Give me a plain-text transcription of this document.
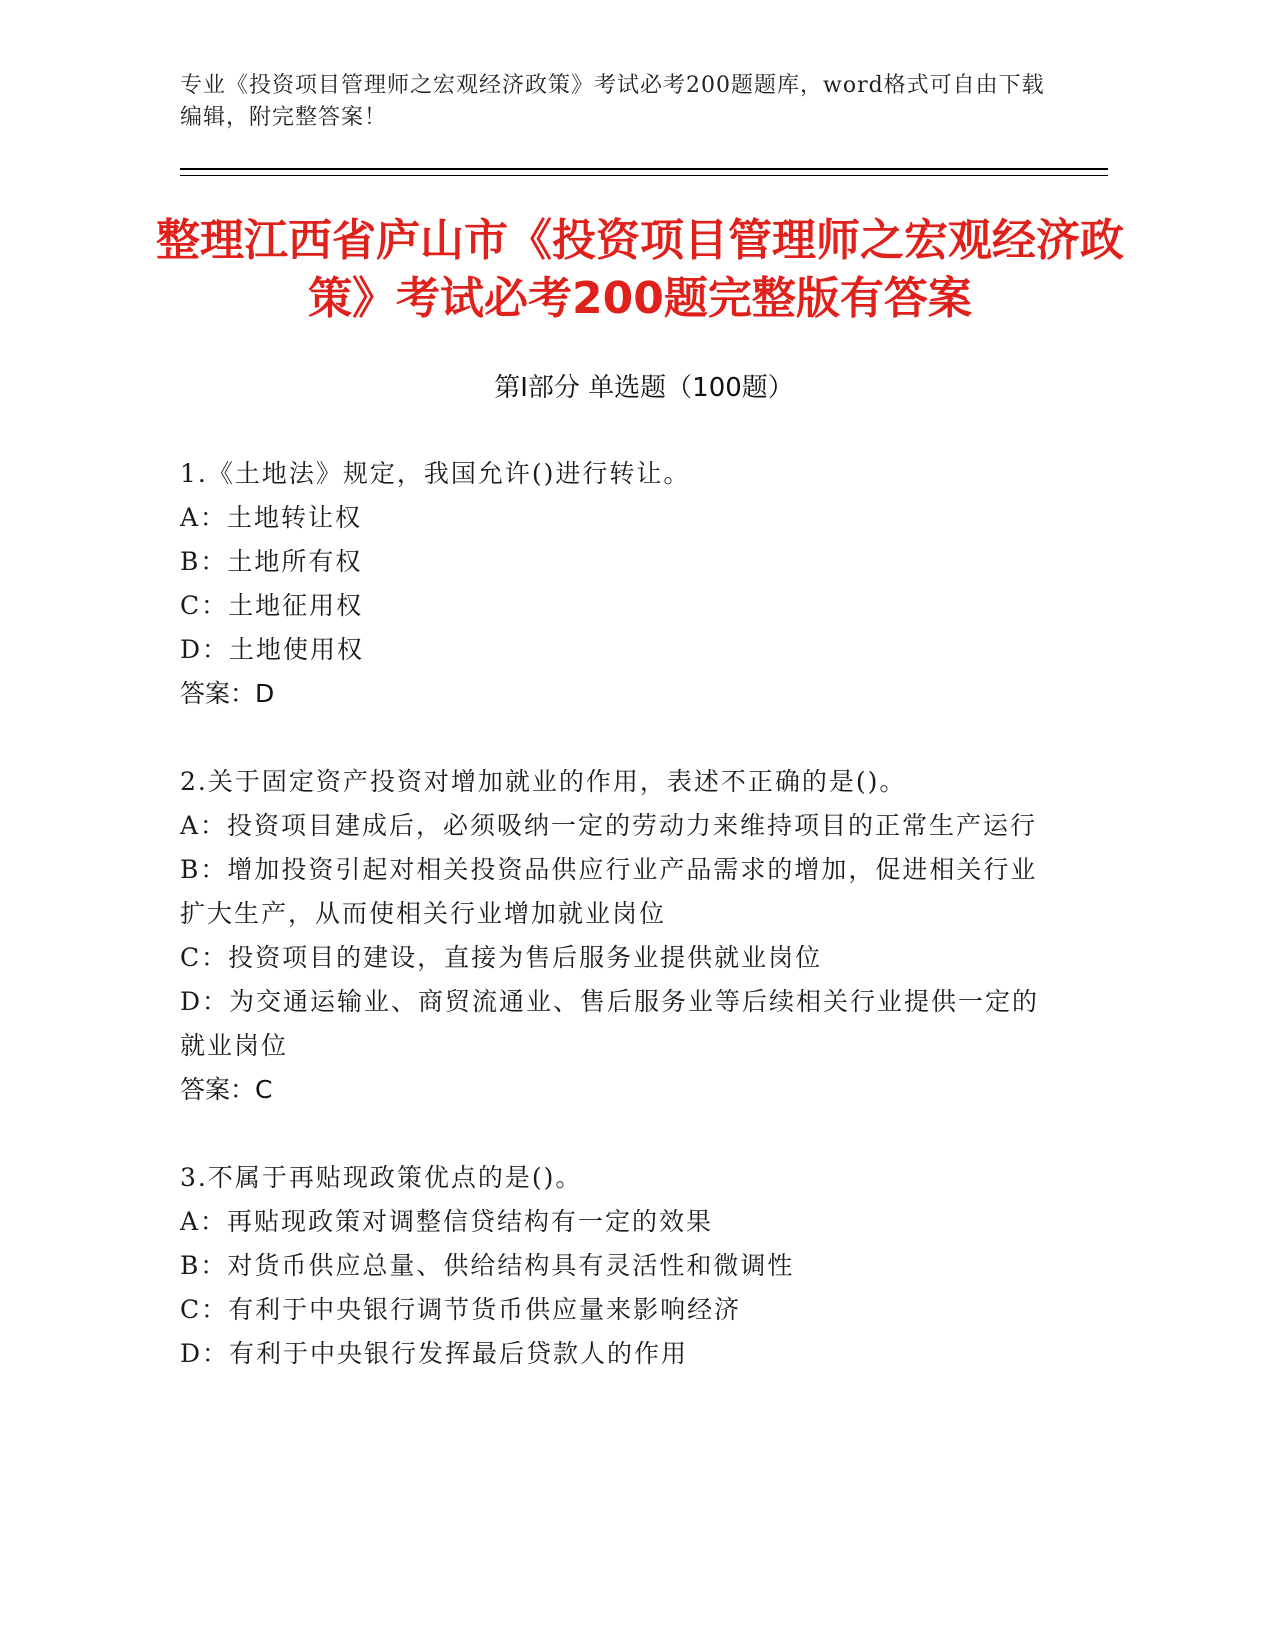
专业《投资项目管理师之宏观经济政策》考试必考200题题库，word格式可自由下载编辑，附完整答案！
整理江西省庐山市《投资项目管理师之宏观经济政策》考试必考200题完整版有答案
第I部分 单选题（100题）
1.《土地法》规定，我国允许()进行转让。
A：土地转让权
B：土地所有权
C：土地征用权
D：土地使用权
答案：D
2.关于固定资产投资对增加就业的作用，表述不正确的是()。
A：投资项目建成后，必须吸纳一定的劳动力来维持项目的正常生产运行
B：增加投资引起对相关投资品供应行业产品需求的增加，促进相关行业扩大生产，从而使相关行业增加就业岗位
C：投资项目的建设，直接为售后服务业提供就业岗位
D：为交通运输业、商贸流通业、售后服务业等后续相关行业提供一定的就业岗位
答案：C
3.不属于再贴现政策优点的是()。
A：再贴现政策对调整信贷结构有一定的效果
B：对货币供应总量、供给结构具有灵活性和微调性
C：有利于中央银行调节货币供应量来影响经济
D：有利于中央银行发挥最后贷款人的作用
